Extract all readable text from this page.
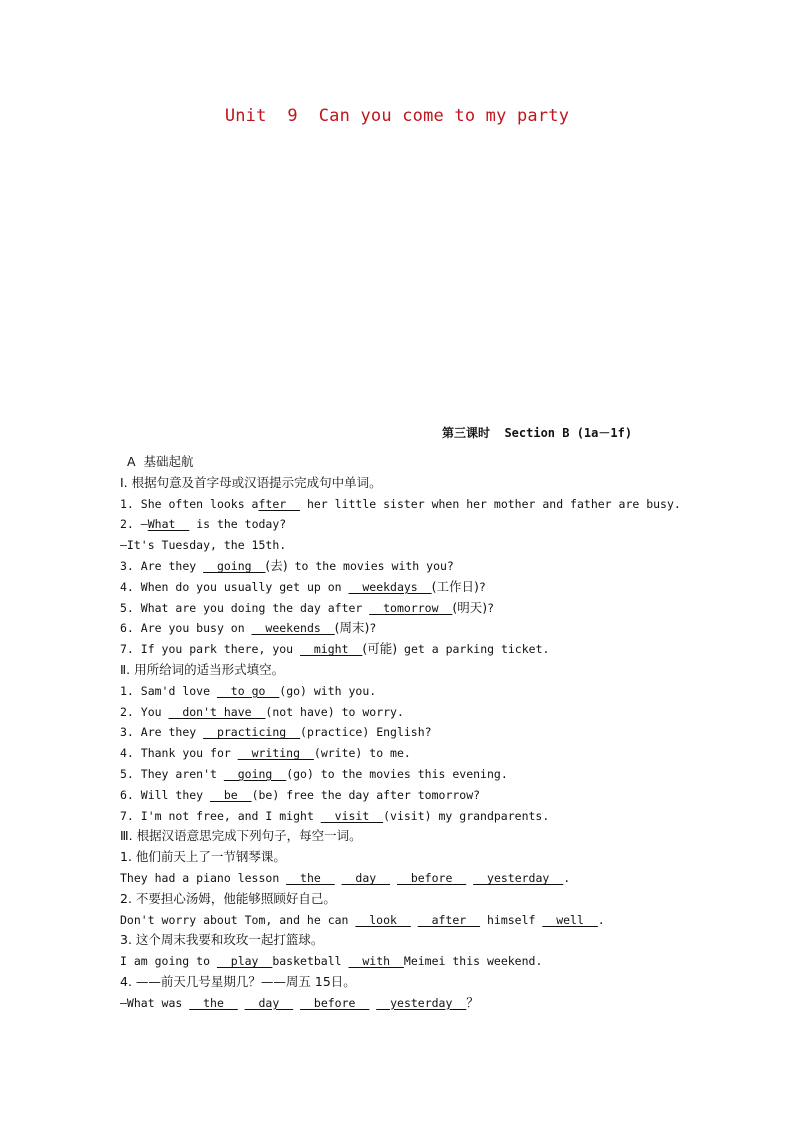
Unit  9  Can you come to my party
第三课时  Section B (1a－1f)
A  基础起航
Ⅰ. 根据句意及首字母或汉语提示完成句中单词。
1. She often looks after   her little sister when her mother and father are busy.
2. —What   is the today?
—It's Tuesday, the 15th.
3. Are they __going__(去) to the movies with you?
4. When do you usually get up on __weekdays__(工作日)?
5. What are you doing the day after __tomorrow__(明天)?
6. Are you busy on __weekends__(周末)?
7. If you park there, you __might__(可能) get a parking ticket.
Ⅱ. 用所给词的适当形式填空。
1. Sam'd love __to go__(go) with you.
2. You __don't have__(not have) to worry.
3. Are they __practicing__(practice) English?
4. Thank you for __writing__(write) to me.
5. They aren't __going__(go) to the movies this evening.
6. Will they __be__(be) free the day after tomorrow?
7. I'm not free, and I might __visit__(visit) my grandparents.
Ⅲ. 根据汉语意思完成下列句子，每空一词。
1. 他们前天上了一节钢琴课。
They had a piano lesson __the__ __day__ __before__ __yesterday__.
2. 不要担心汤姆，他能够照顾好自己。
Don't worry about Tom, and he can __look__ __after__ himself __well__.
3. 这个周末我要和玫玫一起打篮球。
I am going to __play__basketball __with__Meimei this weekend.
4. ——前天几号星期几？——周五 15日。
—What was __the__ __day__ __before__ __yesterday__？
